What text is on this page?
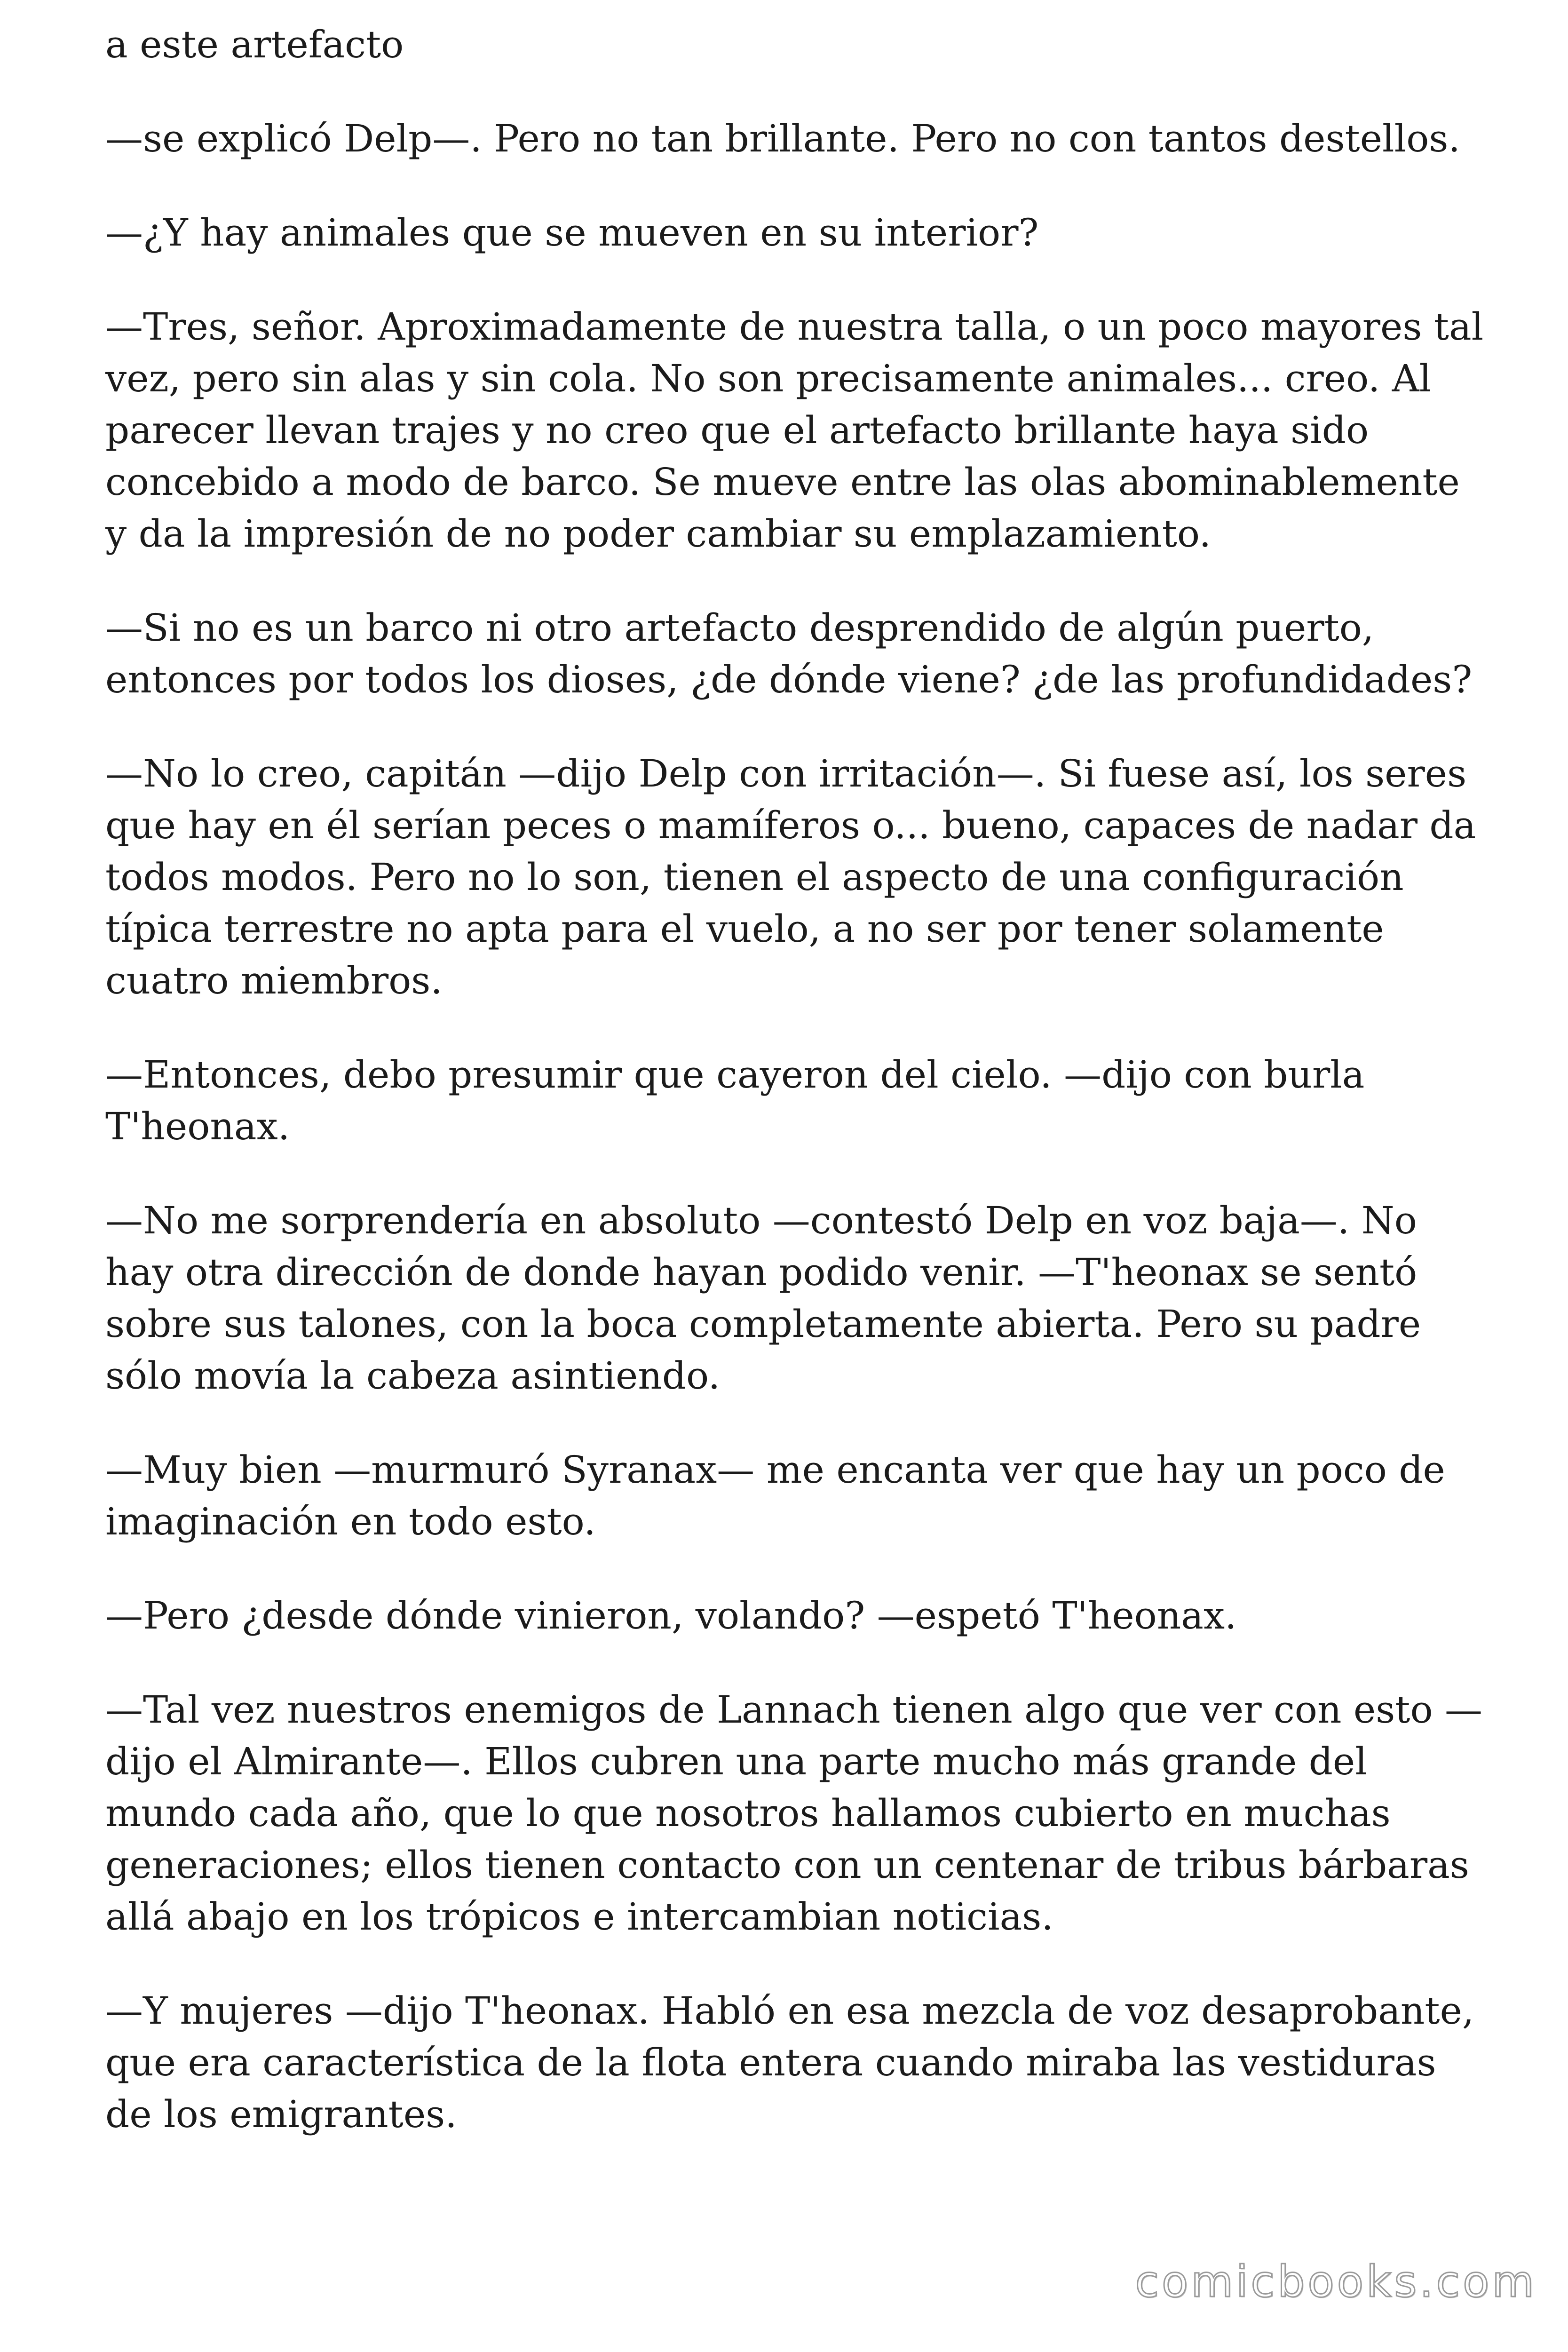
a este artefacto

—se explicó Delp—. Pero no tan brillante. Pero no con tantos destellos.

—¿Y hay animales que se mueven en su interior?

—Tres, señor. Aproximadamente de nuestra talla, o un poco mayores tal vez, pero sin alas y sin cola. No son precisamente animales... creo. Al parecer llevan trajes y no creo que el artefacto brillante haya sido concebido a modo de barco. Se mueve entre las olas abominablemente y da la impresión de no poder cambiar su emplazamiento.

—Si no es un barco ni otro artefacto desprendido de algún puerto, entonces por todos los dioses, ¿de dónde viene? ¿de las profundidades?

—No lo creo, capitán —dijo Delp con irritación—. Si fuese así, los seres que hay en él serían peces o mamíferos o... bueno, capaces de nadar da todos modos. Pero no lo son, tienen el aspecto de una configuración típica terrestre no apta para el vuelo, a no ser por tener solamente cuatro miembros.

—Entonces, debo presumir que cayeron del cielo. —dijo con burla T'heonax.

—No me sorprendería en absoluto —contestó Delp en voz baja—. No hay otra dirección de donde hayan podido venir. —T'heonax se sentó sobre sus talones, con la boca completamente abierta. Pero su padre sólo movía la cabeza asintiendo.

—Muy bien —murmuró Syranax— me encanta ver que hay un poco de imaginación en todo esto.

—Pero ¿desde dónde vinieron, volando? —espetó T'heonax.

—Tal vez nuestros enemigos de Lannach tienen algo que ver con esto —dijo el Almirante—. Ellos cubren una parte mucho más grande del mundo cada año, que lo que nosotros hallamos cubierto en muchas generaciones; ellos tienen contacto con un centenar de tribus bárbaras allá abajo en los trópicos e intercambian noticias.

—Y mujeres —dijo T'heonax. Habló en esa mezcla de voz desaprobante, que era característica de la flota entera cuando miraba las vestiduras de los emigrantes.

comicbooks.com
